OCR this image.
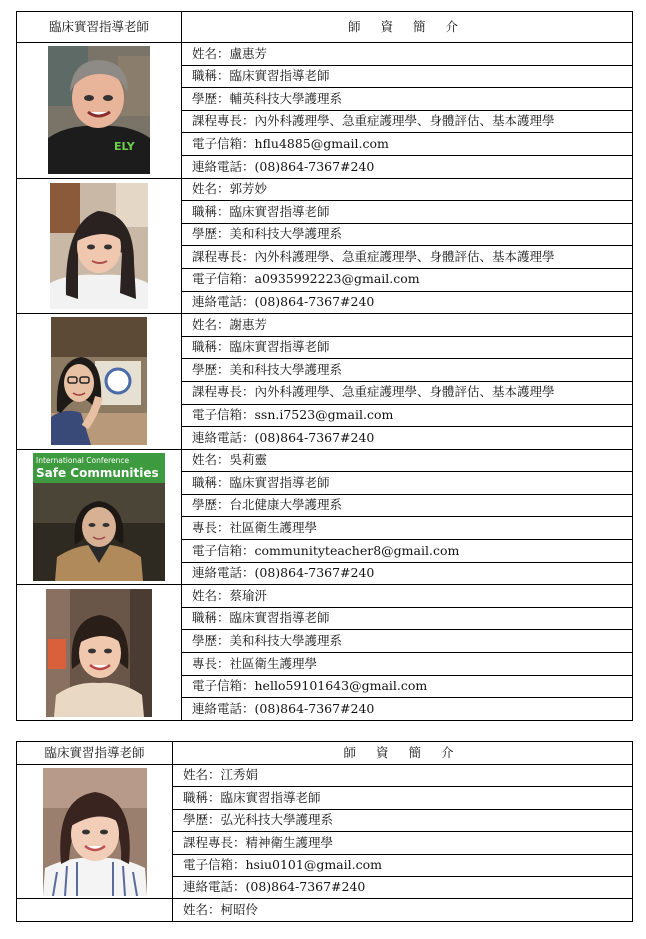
臨床實習指導老師	師 資 簡 介

ELY	姓名：盧惠芳
	職稱：臨床實習指導老師
	學歷：輔英科技大學護理系
	課程專長：內外科護理學、急重症護理學、身體評估、基本護理學
	電子信箱：hflu4885@gmail.com
	連絡電話：(08)864-7367#240

	姓名：郭芳妙
	職稱：臨床實習指導老師
	學歷：美和科技大學護理系
	課程專長：內外科護理學、急重症護理學、身體評估、基本護理學
	電子信箱：a0935992223@gmail.com
	連絡電話：(08)864-7367#240

	姓名：謝惠芳
	職稱：臨床實習指導老師
	學歷：美和科技大學護理系
	課程專長：內外科護理學、急重症護理學、身體評估、基本護理學
	電子信箱：ssn.i7523@gmail.com
	連絡電話：(08)864-7367#240

International Conference
Safe Communities	姓名：吳莉靈
	職稱：臨床實習指導老師
	學歷：台北健康大學護理系
	專長：社區衛生護理學
	電子信箱：communityteacher8@gmail.com
	連絡電話：(08)864-7367#240

	姓名：蔡瑜汧
	職稱：臨床實習指導老師
	學歷：美和科技大學護理系
	專長：社區衛生護理學
	電子信箱：hello59101643@gmail.com
	連絡電話：(08)864-7367#240
臨床實習指導老師	師 資 簡 介

	姓名：江秀娟
	職稱：臨床實習指導老師
	學歷：弘光科技大學護理系
	課程專長：精神衛生護理學
	電子信箱：hsiu0101@gmail.com
	連絡電話：(08)864-7367#240
	姓名：柯昭伶
